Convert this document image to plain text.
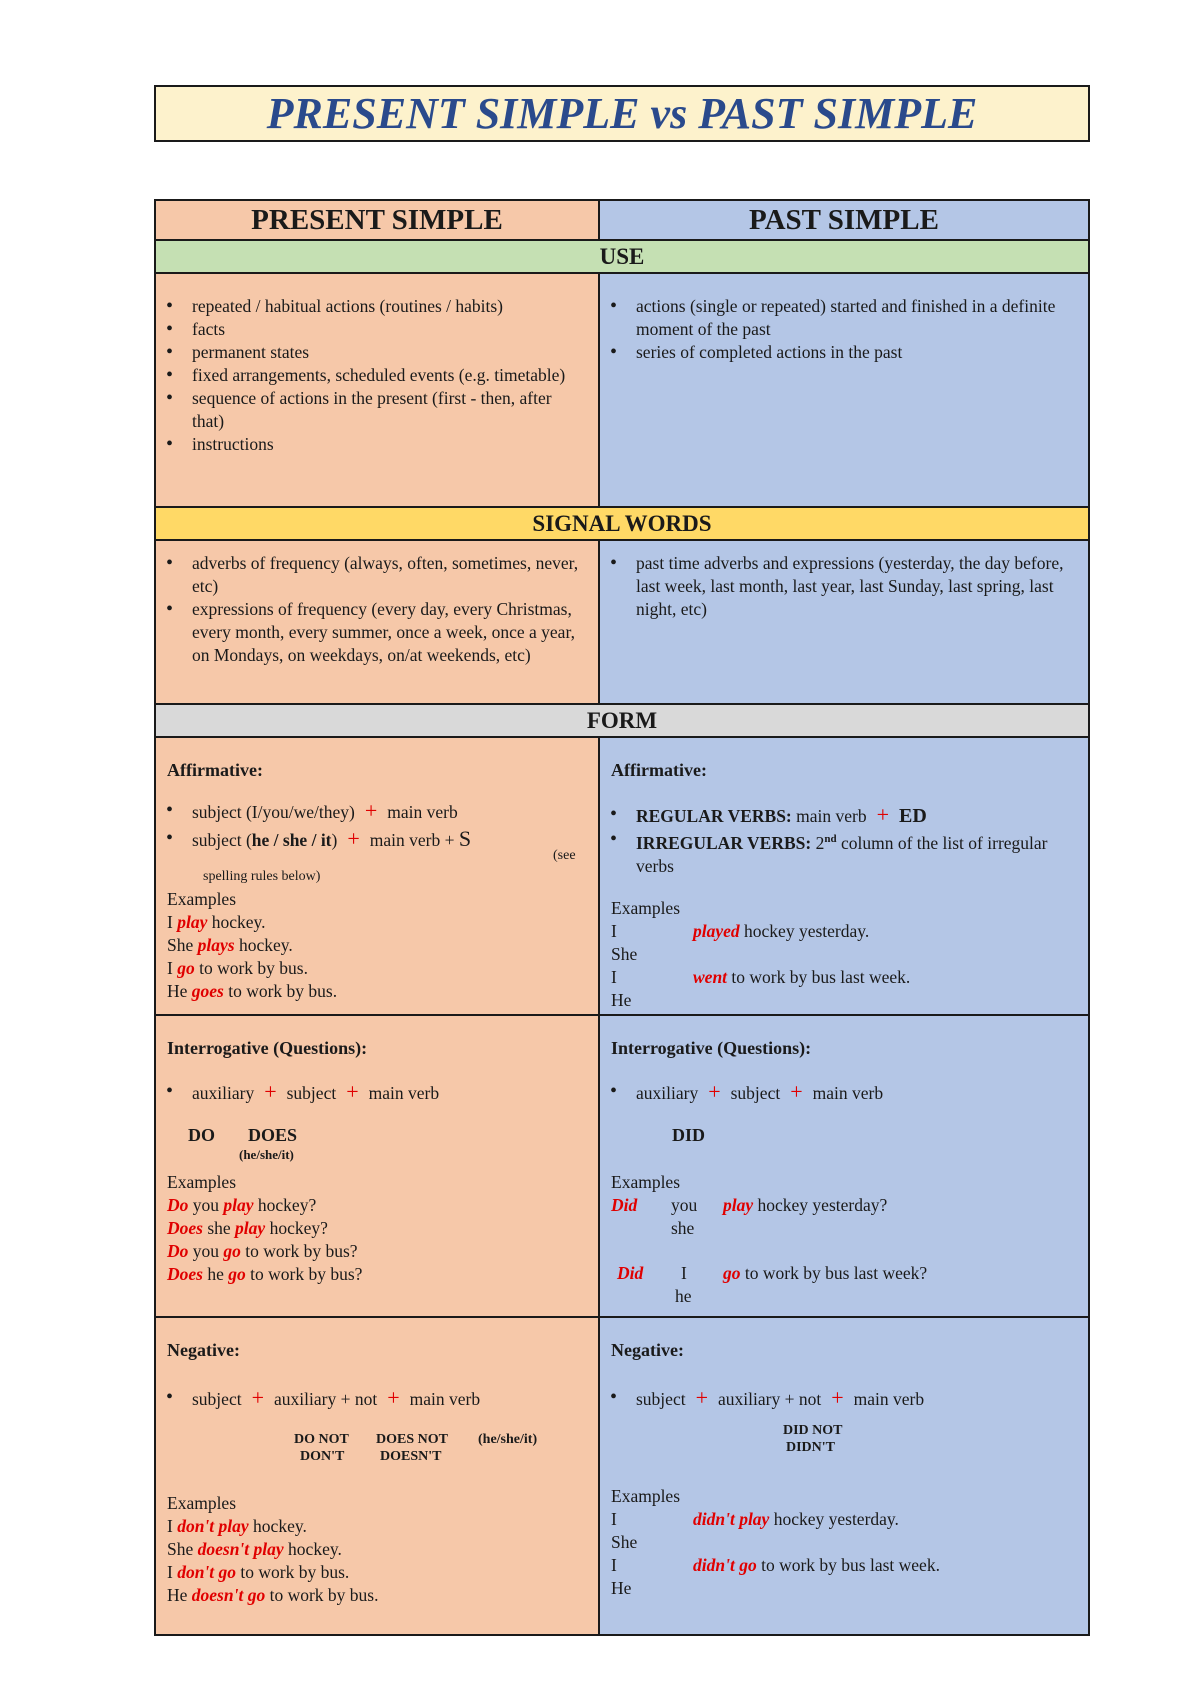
PRESENT SIMPLE vs PAST SIMPLE
PRESENT SIMPLE	PAST SIMPLE
USE
• repeated / habitual actions (routines / habits)
• facts
• permanent states
• fixed arrangements, scheduled events (e.g. timetable)
• sequence of actions in the present (first - then, after that)
• instructions
• actions (single or repeated) started and finished in a definite moment of the past
• series of completed actions in the past
SIGNAL WORDS
• adverbs of frequency (always, often, sometimes, never, etc)
• expressions of frequency (every day, every Christmas, every month, every summer, once a week, once a year, on Mondays, on weekdays, on/at weekends, etc)
• past time adverbs and expressions (yesterday, the day before, last week, last month, last year, last Sunday, last spring, last night, etc)
FORM
Affirmative:
• subject (I/you/we/they) + main verb
• subject (he / she / it) + main verb + S
(see spelling rules below)
Examples
I play hockey.
She plays hockey.
I go to work by bus.
He goes to work by bus.
Affirmative:
• REGULAR VERBS: main verb + ED
• IRREGULAR VERBS: 2nd column of the list of irregular verbs
Examples
I
She
played hockey yesterday.
I
He
went to work by bus last week.
Interrogative (Questions):
• auxiliary + subject + main verb
DO DOES
(he/she/it)
Examples
Do you play hockey?
Does she play hockey?
Do you go to work by bus?
Does he go to work by bus?
Interrogative (Questions):
• auxiliary + subject + main verb
DID
Examples
Did you
she
play hockey yesterday?
Did I
he
go to work by bus last week?
Negative:
• subject + auxiliary + not + main verb
DO NOT
DON'T
DOES NOT
DOESN'T
(he/she/it)
Examples
I don't play hockey.
She doesn't play hockey.
I don't go to work by bus.
He doesn't go to work by bus.
Negative:
• subject + auxiliary + not + main verb
DID NOT
DIDN'T
Examples
I
She
didn't play hockey yesterday.
I
He
didn't go to work by bus last week.
